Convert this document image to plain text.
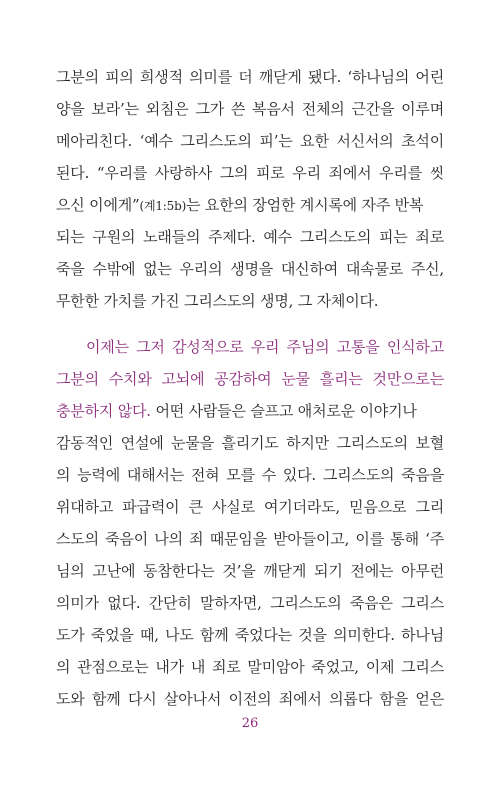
그분의 피의 희생적 의미를 더 깨닫게 됐다. ‘하나님의 어린
양을 보라’는 외침은 그가 쓴 복음서 전체의 근간을 이루며
메아리친다. ‘예수 그리스도의 피’는 요한 서신서의 초석이
된다. “우리를 사랑하사 그의 피로 우리 죄에서 우리를 씻
으신 이에게”(계1:5b)는 요한의 장엄한 계시록에 자주 반복
되는 구원의 노래들의 주제다. 예수 그리스도의 피는 죄로
죽을 수밖에 없는 우리의 생명을 대신하여 대속물로 주신,
무한한 가치를 가진 그리스도의 생명, 그 자체이다.
이제는 그저 감성적으로 우리 주님의 고통을 인식하고
그분의 수치와 고뇌에 공감하여 눈물 흘리는 것만으로는
충분하지 않다. 어떤 사람들은 슬프고 애처로운 이야기나
감동적인 연설에 눈물을 흘리기도 하지만 그리스도의 보혈
의 능력에 대해서는 전혀 모를 수 있다. 그리스도의 죽음을
위대하고 파급력이 큰 사실로 여기더라도, 믿음으로 그리
스도의 죽음이 나의 죄 때문임을 받아들이고, 이를 통해 ‘주
님의 고난에 동참한다는 것’을 깨닫게 되기 전에는 아무런
의미가 없다. 간단히 말하자면, 그리스도의 죽음은 그리스
도가 죽었을 때, 나도 함께 죽었다는 것을 의미한다. 하나님
의 관점으로는 내가 내 죄로 말미암아 죽었고, 이제 그리스
도와 함께 다시 살아나서 이전의 죄에서 의롭다 함을 얻은
26
